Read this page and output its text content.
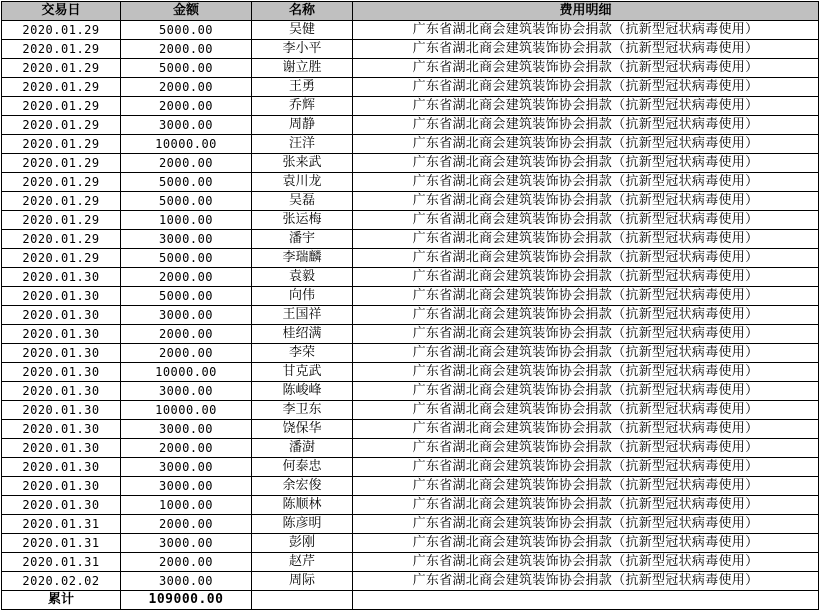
交易日	金额	名称	费用明细
2020.01.29	5000.00	吴健	广东省湖北商会建筑装饰协会捐款（抗新型冠状病毒使用）
2020.01.29	2000.00	李小平	广东省湖北商会建筑装饰协会捐款（抗新型冠状病毒使用）
2020.01.29	5000.00	谢立胜	广东省湖北商会建筑装饰协会捐款（抗新型冠状病毒使用）
2020.01.29	2000.00	王勇	广东省湖北商会建筑装饰协会捐款（抗新型冠状病毒使用）
2020.01.29	2000.00	乔辉	广东省湖北商会建筑装饰协会捐款（抗新型冠状病毒使用）
2020.01.29	3000.00	周静	广东省湖北商会建筑装饰协会捐款（抗新型冠状病毒使用）
2020.01.29	10000.00	汪洋	广东省湖北商会建筑装饰协会捐款（抗新型冠状病毒使用）
2020.01.29	2000.00	张来武	广东省湖北商会建筑装饰协会捐款（抗新型冠状病毒使用）
2020.01.29	5000.00	袁川龙	广东省湖北商会建筑装饰协会捐款（抗新型冠状病毒使用）
2020.01.29	5000.00	吴磊	广东省湖北商会建筑装饰协会捐款（抗新型冠状病毒使用）
2020.01.29	1000.00	张运梅	广东省湖北商会建筑装饰协会捐款（抗新型冠状病毒使用）
2020.01.29	3000.00	潘宇	广东省湖北商会建筑装饰协会捐款（抗新型冠状病毒使用）
2020.01.29	5000.00	李瑞麟	广东省湖北商会建筑装饰协会捐款（抗新型冠状病毒使用）
2020.01.30	2000.00	袁毅	广东省湖北商会建筑装饰协会捐款（抗新型冠状病毒使用）
2020.01.30	5000.00	向伟	广东省湖北商会建筑装饰协会捐款（抗新型冠状病毒使用）
2020.01.30	3000.00	王国祥	广东省湖北商会建筑装饰协会捐款（抗新型冠状病毒使用）
2020.01.30	2000.00	桂绍满	广东省湖北商会建筑装饰协会捐款（抗新型冠状病毒使用）
2020.01.30	2000.00	李荣	广东省湖北商会建筑装饰协会捐款（抗新型冠状病毒使用）
2020.01.30	10000.00	甘克武	广东省湖北商会建筑装饰协会捐款（抗新型冠状病毒使用）
2020.01.30	3000.00	陈峻峰	广东省湖北商会建筑装饰协会捐款（抗新型冠状病毒使用）
2020.01.30	10000.00	李卫东	广东省湖北商会建筑装饰协会捐款（抗新型冠状病毒使用）
2020.01.30	3000.00	饶保华	广东省湖北商会建筑装饰协会捐款（抗新型冠状病毒使用）
2020.01.30	2000.00	潘澍	广东省湖北商会建筑装饰协会捐款（抗新型冠状病毒使用）
2020.01.30	3000.00	何泰忠	广东省湖北商会建筑装饰协会捐款（抗新型冠状病毒使用）
2020.01.30	3000.00	余宏俊	广东省湖北商会建筑装饰协会捐款（抗新型冠状病毒使用）
2020.01.30	1000.00	陈顺林	广东省湖北商会建筑装饰协会捐款（抗新型冠状病毒使用）
2020.01.31	2000.00	陈彦明	广东省湖北商会建筑装饰协会捐款（抗新型冠状病毒使用）
2020.01.31	3000.00	彭刚	广东省湖北商会建筑装饰协会捐款（抗新型冠状病毒使用）
2020.01.31	2000.00	赵芹	广东省湖北商会建筑装饰协会捐款（抗新型冠状病毒使用）
2020.02.02	3000.00	周际	广东省湖北商会建筑装饰协会捐款（抗新型冠状病毒使用）
累计	109000.00		
